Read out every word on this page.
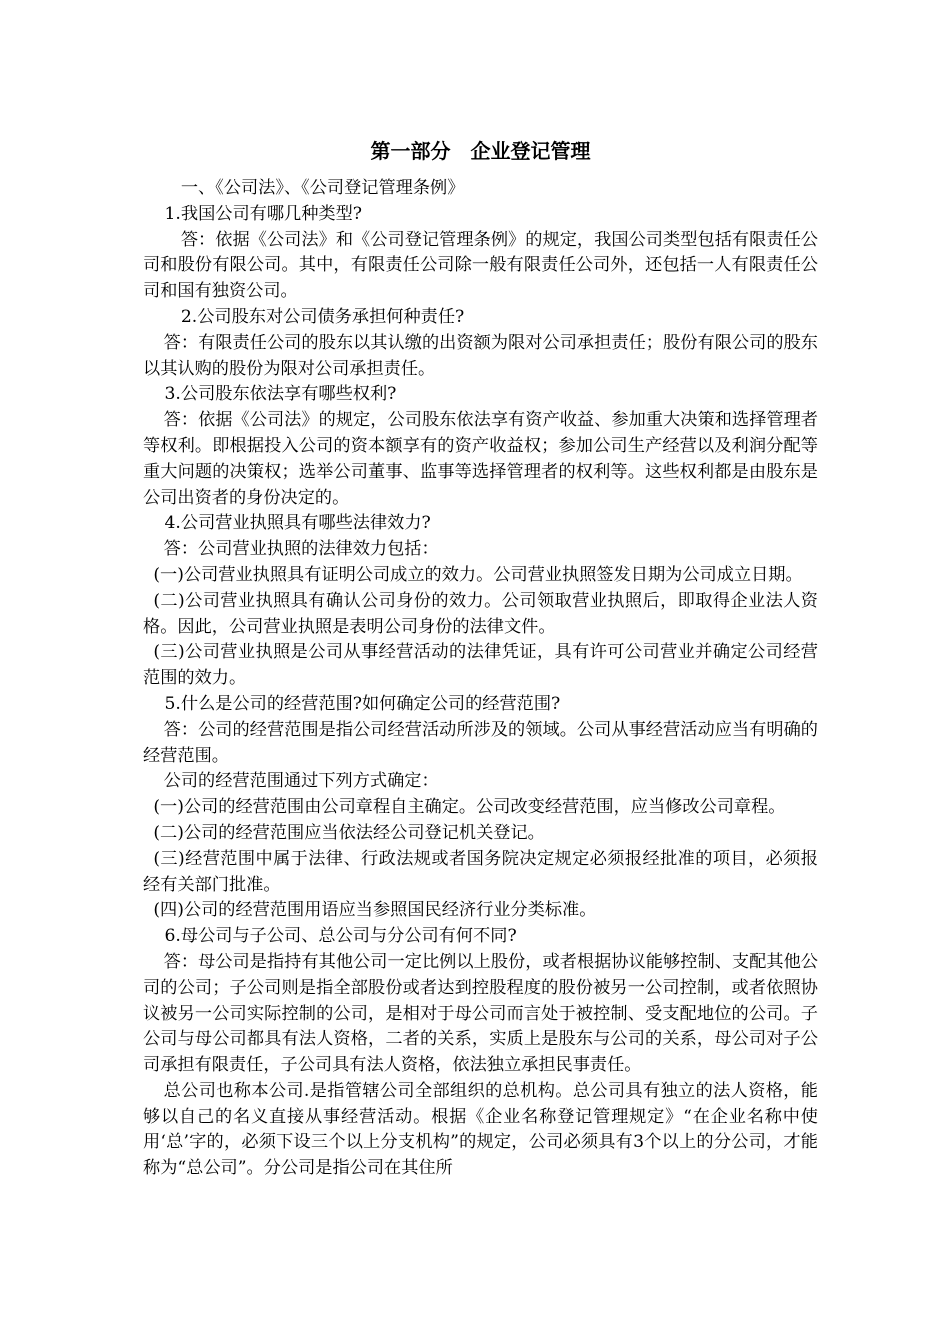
第一部分　企业登记管理

一、《公司法》、《公司登记管理条例》

1.我国公司有哪几种类型?

答：依据《公司法》和《公司登记管理条例》的规定，我国公司类型包括有限责任公司和股份有限公司。其中，有限责任公司除一般有限责任公司外，还包括一人有限责任公司和国有独资公司。

2.公司股东对公司债务承担何种责任?

答：有限责任公司的股东以其认缴的出资额为限对公司承担责任；股份有限公司的股东以其认购的股份为限对公司承担责任。

3.公司股东依法享有哪些权利?

答：依据《公司法》的规定，公司股东依法享有资产收益、参加重大决策和选择管理者等权利。即根据投入公司的资本额享有的资产收益权；参加公司生产经营以及利润分配等重大问题的决策权；选举公司董事、监事等选择管理者的权利等。这些权利都是由股东是公司出资者的身份决定的。

4.公司营业执照具有哪些法律效力?

答：公司营业执照的法律效力包括：

(一)公司营业执照具有证明公司成立的效力。公司营业执照签发日期为公司成立日期。

(二)公司营业执照具有确认公司身份的效力。公司领取营业执照后，即取得企业法人资格。因此，公司营业执照是表明公司身份的法律文件。

(三)公司营业执照是公司从事经营活动的法律凭证，具有许可公司营业并确定公司经营范围的效力。

5.什么是公司的经营范围?如何确定公司的经营范围?

答：公司的经营范围是指公司经营活动所涉及的领域。公司从事经营活动应当有明确的经营范围。

公司的经营范围通过下列方式确定：

(一)公司的经营范围由公司章程自主确定。公司改变经营范围，应当修改公司章程。

(二)公司的经营范围应当依法经公司登记机关登记。

(三)经营范围中属于法律、行政法规或者国务院决定规定必须报经批准的项目，必须报经有关部门批准。

(四)公司的经营范围用语应当参照国民经济行业分类标准。

6.母公司与子公司、总公司与分公司有何不同?

答：母公司是指持有其他公司一定比例以上股份，或者根据协议能够控制、支配其他公司的公司；子公司则是指全部股份或者达到控股程度的股份被另一公司控制，或者依照协议被另一公司实际控制的公司，是相对于母公司而言处于被控制、受支配地位的公司。子公司与母公司都具有法人资格，二者的关系，实质上是股东与公司的关系，母公司对子公司承担有限责任，子公司具有法人资格，依法独立承担民事责任。

总公司也称本公司.是指管辖公司全部组织的总机构。总公司具有独立的法人资格，能够以自己的名义直接从事经营活动。根据《企业名称登记管理规定》“在企业名称中使用‘总’字的，必须下设三个以上分支机构”的规定，公司必须具有3个以上的分公司，才能称为“总公司”。分公司是指公司在其住所
